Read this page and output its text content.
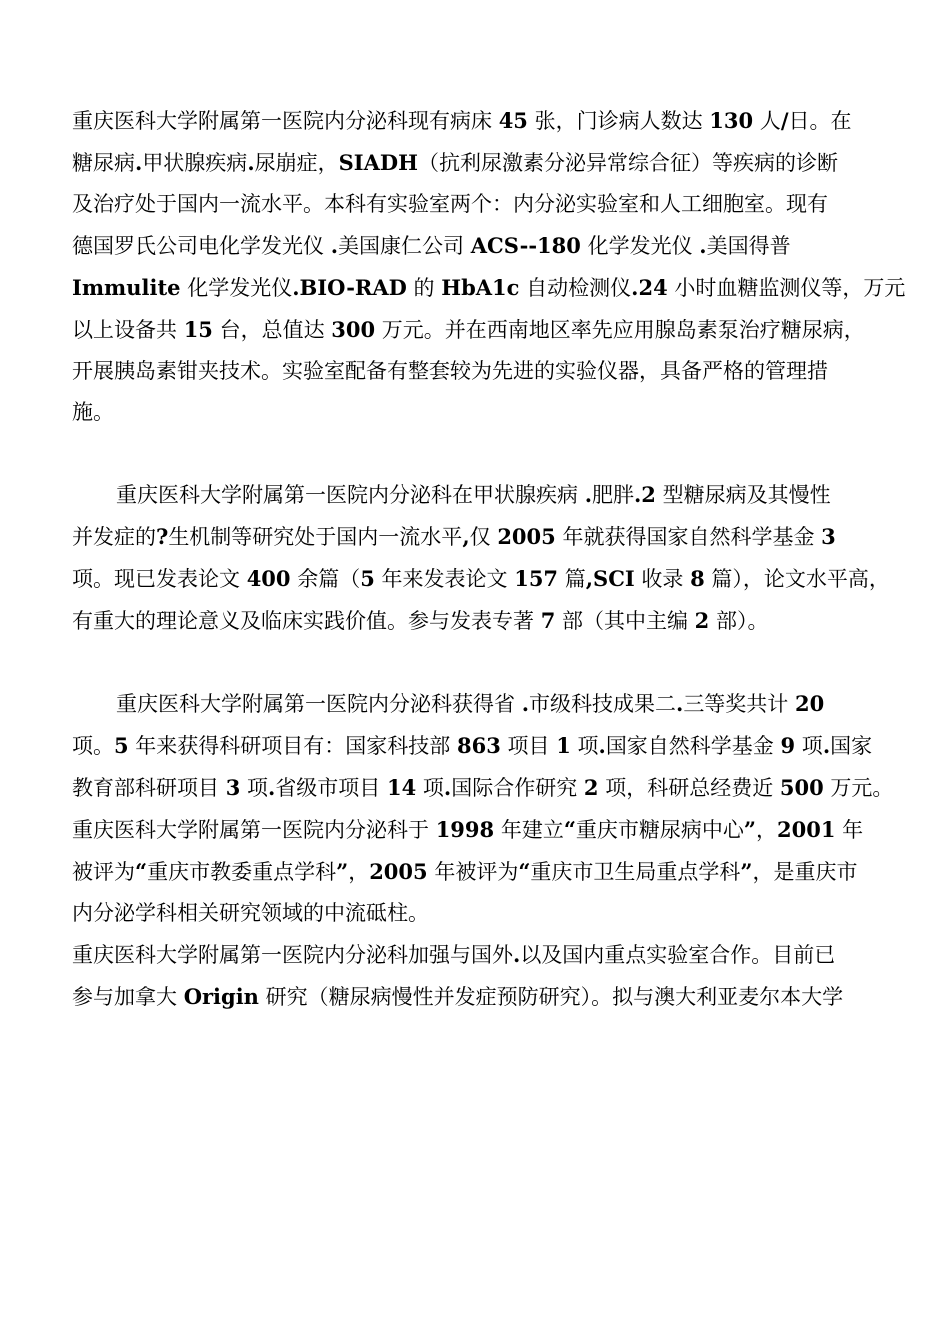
重庆医科大学附属第一医院内分泌科现有病床 45 张，门诊病人数达 130 人/日。在
糖尿病.甲状腺疾病.尿崩症，SIADH（抗利尿激素分泌异常综合征）等疾病的诊断
及治疗处于国内一流水平。本科有实验室两个：内分泌实验室和人工细胞室。现有
德国罗氏公司电化学发光仪 .美国康仁公司 ACS--180 化学发光仪 .美国得普
Immulite 化学发光仪.BIO-RAD 的 HbA1c 自动检测仪.24 小时血糖监测仪等，万元
以上设备共 15 台，总值达 300 万元。并在西南地区率先应用腺岛素泵治疗糖尿病，
开展胰岛素钳夹技术。实验室配备有整套较为先进的实验仪器，具备严格的管理措
施。

重庆医科大学附属第一医院内分泌科在甲状腺疾病 .肥胖.2 型糖尿病及其慢性
并发症的?生机制等研究处于国内一流水平,仅 2005 年就获得国家自然科学基金 3
项。现已发表论文 400 余篇（5 年来发表论文 157 篇,SCI 收录 8 篇），论文水平高，
有重大的理论意义及临床实践价值。参与发表专著 7 部（其中主编 2 部）。

重庆医科大学附属第一医院内分泌科获得省 .市级科技成果二.三等奖共计 20
项。5 年来获得科研项目有：国家科技部 863 项目 1 项.国家自然科学基金 9 项.国家
教育部科研项目 3 项.省级市项目 14 项.国际合作研究 2 项，科研总经费近 500 万元。
重庆医科大学附属第一医院内分泌科于 1998 年建立“重庆市糖尿病中心”，2001 年
被评为“重庆市教委重点学科”，2005 年被评为“重庆市卫生局重点学科”，是重庆市
内分泌学科相关研究领域的中流砥柱。

重庆医科大学附属第一医院内分泌科加强与国外.以及国内重点实验室合作。目前已
参与加拿大 Origin 研究（糖尿病慢性并发症预防研究）。拟与澳大利亚麦尔本大学
